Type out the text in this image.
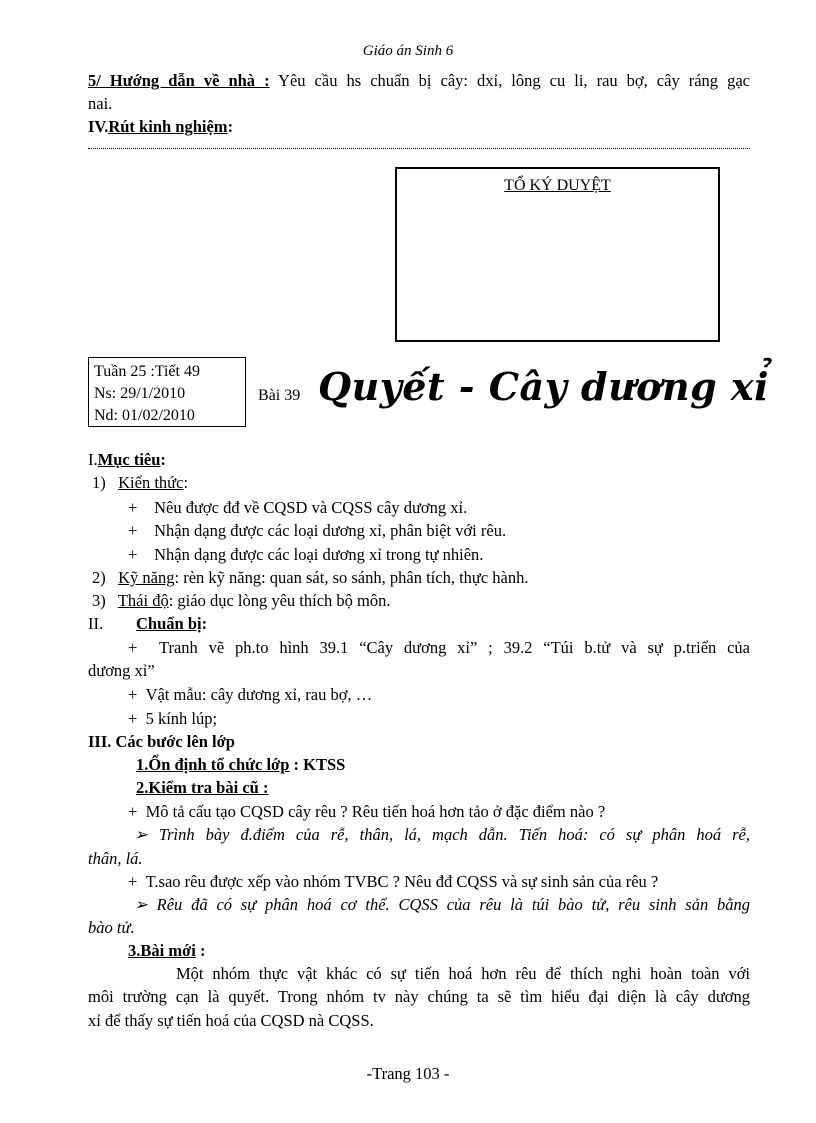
Giáo án Sinh 6
5/ Hướng dẫn về nhà : Yêu cầu hs chuẩn bị cây: dxỉ, lông cu li, rau bợ, cây ráng gạc
nai.
IV.Rút kinh nghiệm:
TỔ KÝ DUYỆT
Tuần 25 :Tiết 49
Ns: 29/1/2010
Nd: 01/02/2010
Bài 39 Quyết - Cây dương xỉ
I.Mục tiêu:
1) Kiến thức:
+ Nêu được đđ về CQSD và CQSS cây dương xỉ.
+ Nhận dạng được các loại dương xỉ, phân biệt với rêu.
+ Nhận dạng được các loại dương xỉ trong tự nhiên.
2) Kỹ năng: rèn kỹ năng: quan sát, so sánh, phân tích, thực hành.
3) Thái độ: giáo dục lòng yêu thích bộ môn.
II. Chuẩn bị:
+ Tranh vẽ ph.to hình 39.1 “Cây dương xỉ” ; 39.2 “Túi b.tử và sự p.triển của
dương xỉ”
+ Vật mẫu: cây dương xỉ, rau bợ, …
+ 5 kính lúp;
III. Các bước lên lớp
1.Ổn định tổ chức lớp : KTSS
2.Kiểm tra bài cũ :
+ Mô tả cấu tạo CQSD cây rêu ? Rêu tiến hoá hơn tảo ở đặc điểm nào ?
➢ Trình bày đ.điểm của rễ, thân, lá, mạch dẫn. Tiến hoá: có sự phân hoá rễ,
thân, lá.
+ T.sao rêu được xếp vào nhóm TVBC ? Nêu đđ CQSS và sự sinh sản của rêu ?
➢ Rêu đã có sự phân hoá cơ thể. CQSS của rêu là túi bào tử, rêu sinh sản bằng
bào tử.
3.Bài mới :
Một nhóm thực vật khác có sự tiến hoá hơn rêu để thích nghi hoàn toàn với
môi trường cạn là quyết. Trong nhóm tv này chúng ta sẽ tìm hiểu đại diện là cây dương
xỉ để thấy sự tiến hoá của CQSD nà CQSS.
-Trang 103 -
